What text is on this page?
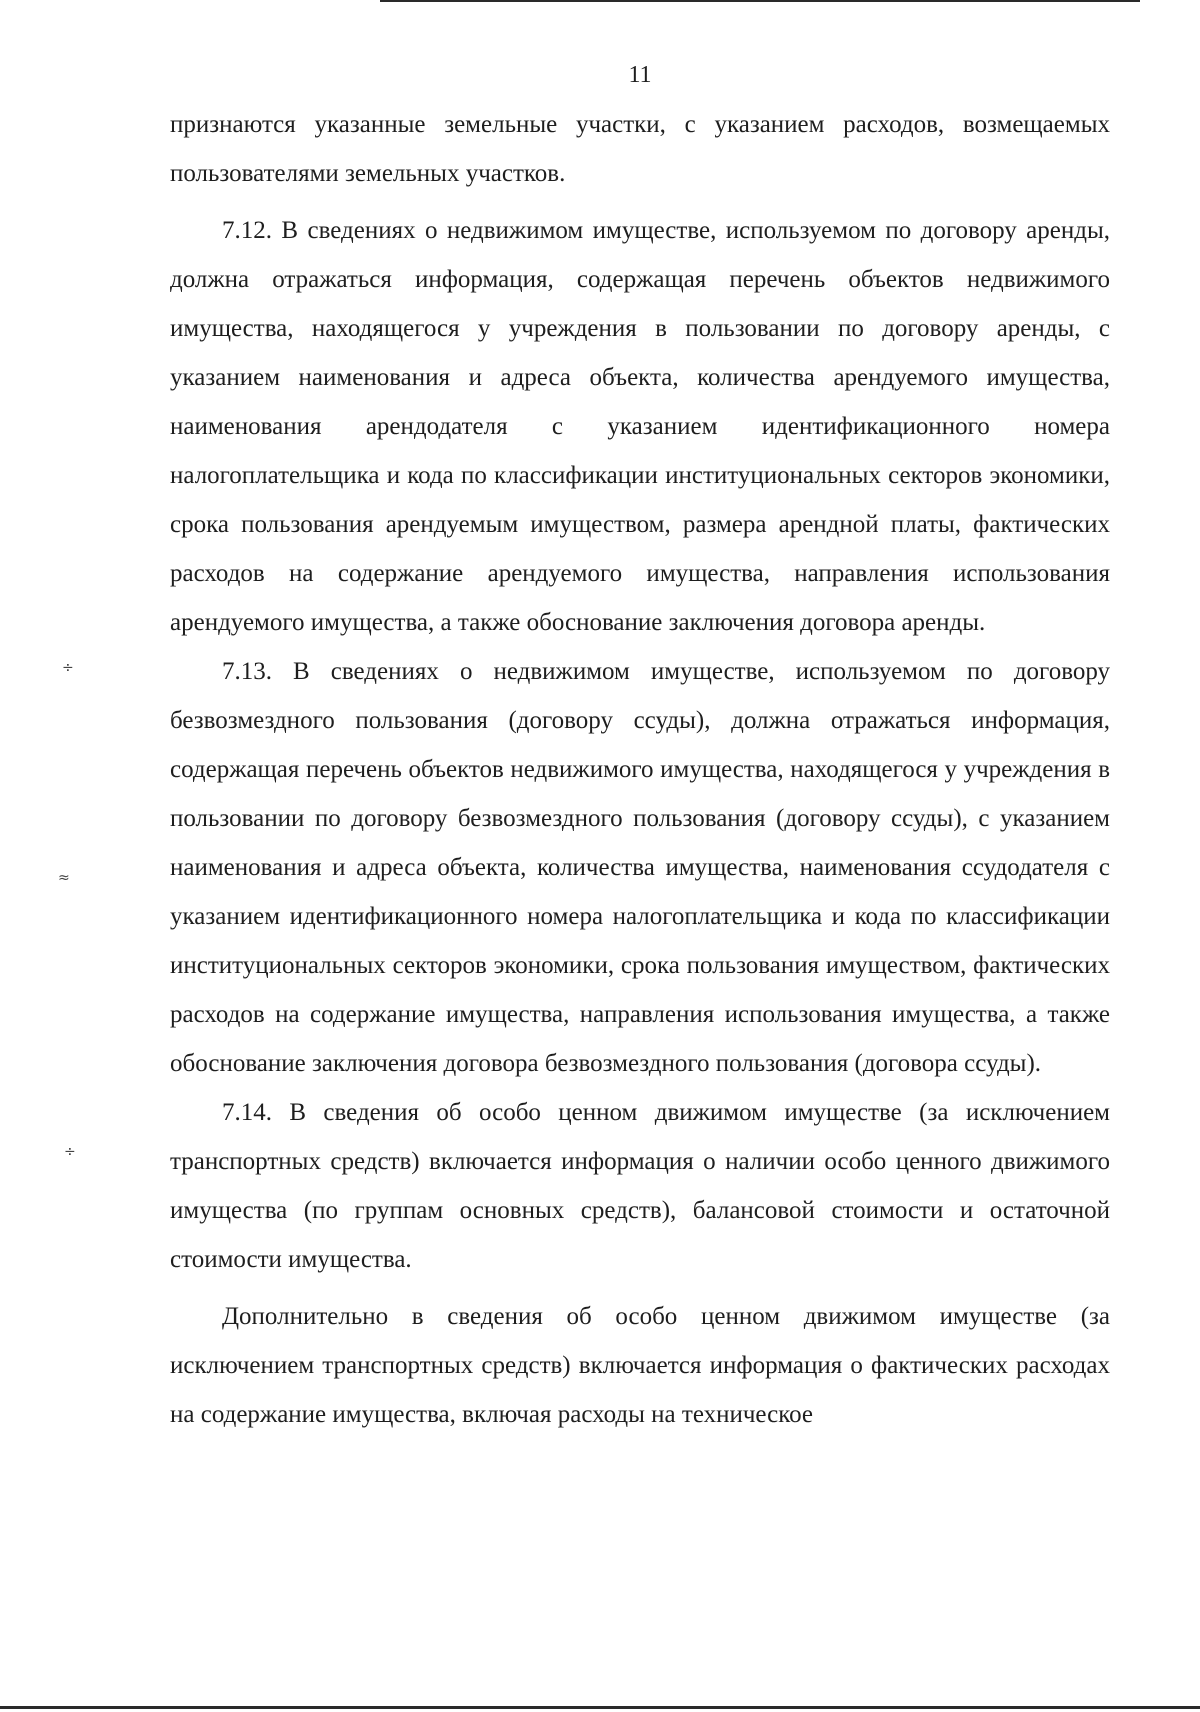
11

признаются указанные земельные участки, с указанием расходов, возмещаемых пользователями земельных участков.

7.12. В сведениях о недвижимом имуществе, используемом по договору аренды, должна отражаться информация, содержащая перечень объектов недвижимого имущества, находящегося у учреждения в пользовании по договору аренды, с указанием наименования и адреса объекта, количества арендуемого имущества, наименования арендодателя с указанием идентификационного номера налогоплательщика и кода по классификации институциональных секторов экономики, срока пользования арендуемым имуществом, размера арендной платы, фактических расходов на содержание арендуемого имущества, направления использования арендуемого имущества, а также обоснование заключения договора аренды.

7.13. В сведениях о недвижимом имуществе, используемом по договору безвозмездного пользования (договору ссуды), должна отражаться информация, содержащая перечень объектов недвижимого имущества, находящегося у учреждения в пользовании по договору безвозмездного пользования (договору ссуды), с указанием наименования и адреса объекта, количества имущества, наименования ссудодателя с указанием идентификационного номера налогоплательщика и кода по классификации институциональных секторов экономики, срока пользования имуществом, фактических расходов на содержание имущества, направления использования имущества, а также обоснование заключения договора безвозмездного пользования (договора ссуды).

7.14. В сведения об особо ценном движимом имуществе (за исключением транспортных средств) включается информация о наличии особо ценного движимого имущества (по группам основных средств), балансовой стоимости и остаточной стоимости имущества.

Дополнительно в сведения об особо ценном движимом имуществе (за исключением транспортных средств) включается информация о фактических расходах на содержание имущества, включая расходы на техническое

÷
≈
÷
